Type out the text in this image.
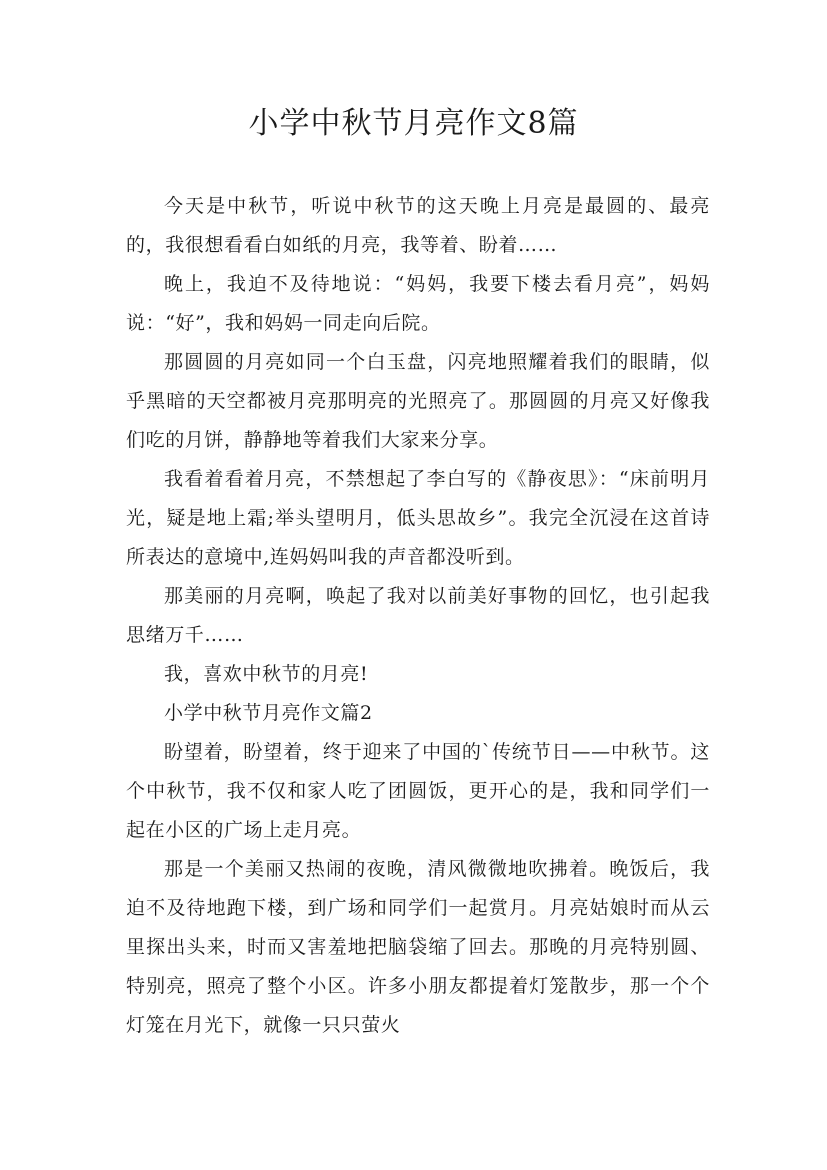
小学中秋节月亮作文8篇

今天是中秋节，听说中秋节的这天晚上月亮是最圆的、最亮的，我很想看看白如纸的月亮，我等着、盼着……

晚上，我迫不及待地说：“妈妈，我要下楼去看月亮”，妈妈说：“好”，我和妈妈一同走向后院。

那圆圆的月亮如同一个白玉盘，闪亮地照耀着我们的眼睛，似乎黑暗的天空都被月亮那明亮的光照亮了。那圆圆的月亮又好像我们吃的月饼，静静地等着我们大家来分享。

我看着看着月亮，不禁想起了李白写的《静夜思》：“床前明月光，疑是地上霜;举头望明月，低头思故乡”。我完全沉浸在这首诗所表达的意境中,连妈妈叫我的声音都没听到。

那美丽的月亮啊，唤起了我对以前美好事物的回忆，也引起我思绪万千……

我，喜欢中秋节的月亮!

小学中秋节月亮作文篇2

盼望着，盼望着，终于迎来了中国的`传统节日——中秋节。这个中秋节，我不仅和家人吃了团圆饭，更开心的是，我和同学们一起在小区的广场上走月亮。

那是一个美丽又热闹的夜晚，清风微微地吹拂着。晚饭后，我迫不及待地跑下楼，到广场和同学们一起赏月。月亮姑娘时而从云里探出头来，时而又害羞地把脑袋缩了回去。那晚的月亮特别圆、特别亮，照亮了整个小区。许多小朋友都提着灯笼散步，那一个个灯笼在月光下，就像一只只萤火
